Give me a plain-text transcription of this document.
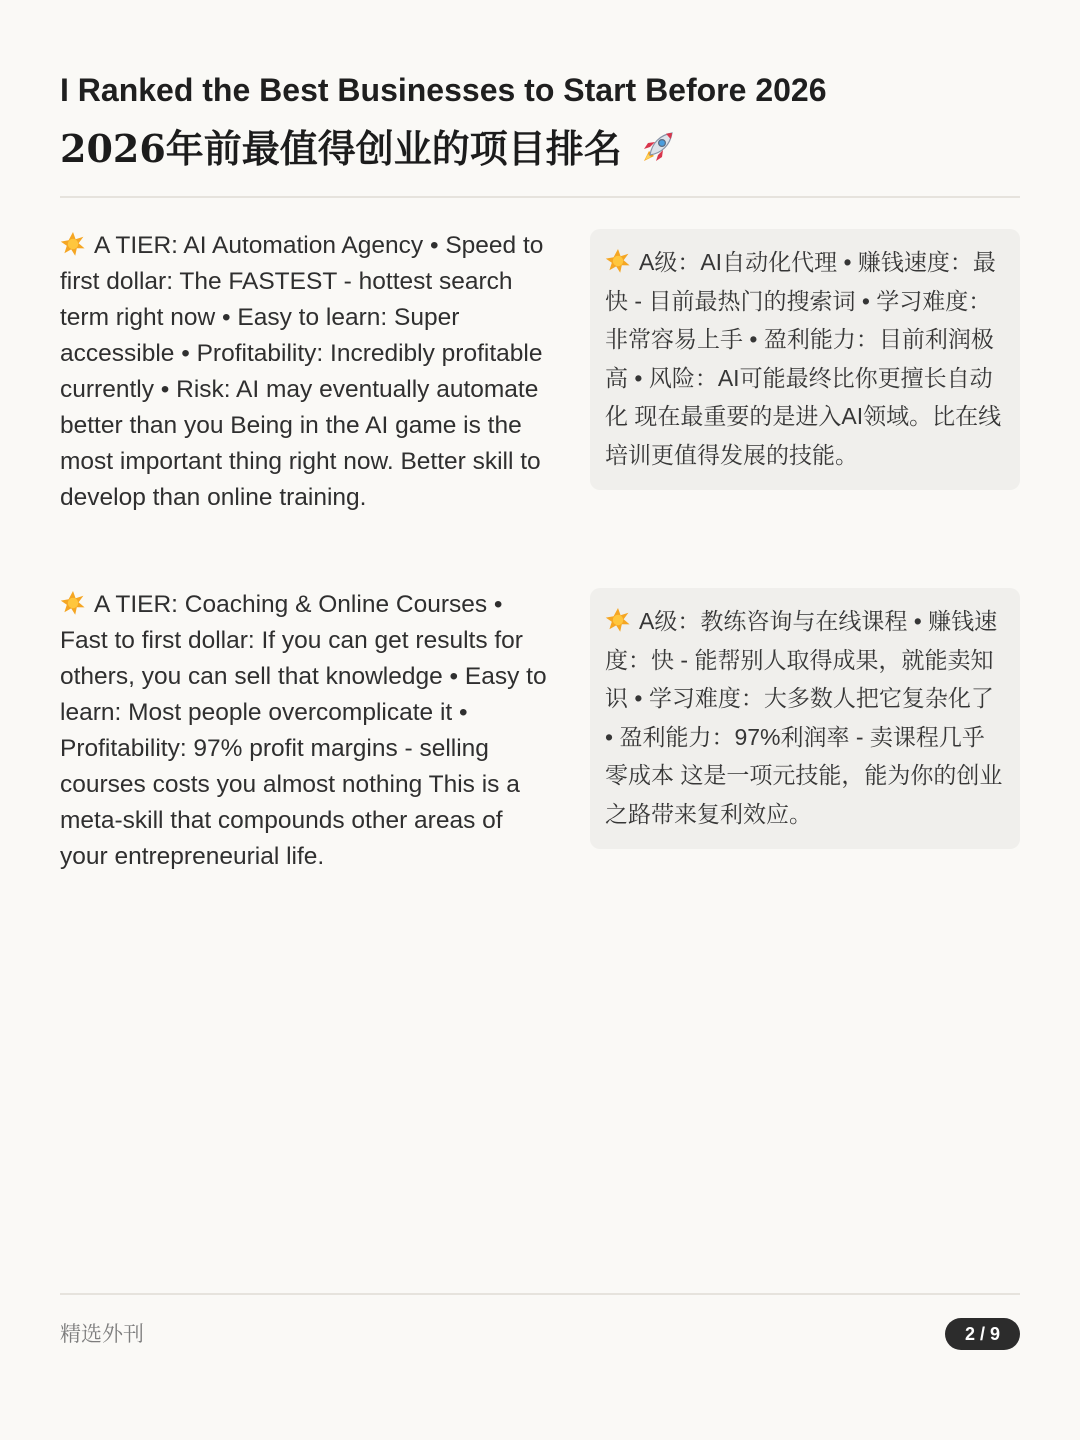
I Ranked the Best Businesses to Start Before 2026
2026年前最值得创业的项目排名

A TIER: AI Automation Agency • Speed to first dollar: The FASTEST - hottest search term right now • Easy to learn: Super accessible • Profitability: Incredibly profitable currently • Risk: AI may eventually automate better than you Being in the AI game is the most important thing right now. Better skill to develop than online training.

A级：AI自动化代理 • 赚钱速度：最快 - 目前最热门的搜索词 • 学习难度：非常容易上手 • 盈利能力：目前利润极高 • 风险：AI可能最终比你更擅长自动化 现在最重要的是进入AI领域。比在线培训更值得发展的技能。

A TIER: Coaching & Online Courses • Fast to first dollar: If you can get results for others, you can sell that knowledge • Easy to learn: Most people overcomplicate it • Profitability: 97% profit margins - selling courses costs you almost nothing This is a meta-skill that compounds other areas of your entrepreneurial life.

A级：教练咨询与在线课程 • 赚钱速度：快 - 能帮别人取得成果，就能卖知识 • 学习难度：大多数人把它复杂化了 • 盈利能力：97%利润率 - 卖课程几乎零成本 这是一项元技能，能为你的创业之路带来复利效应。
精选外刊	2 / 9
